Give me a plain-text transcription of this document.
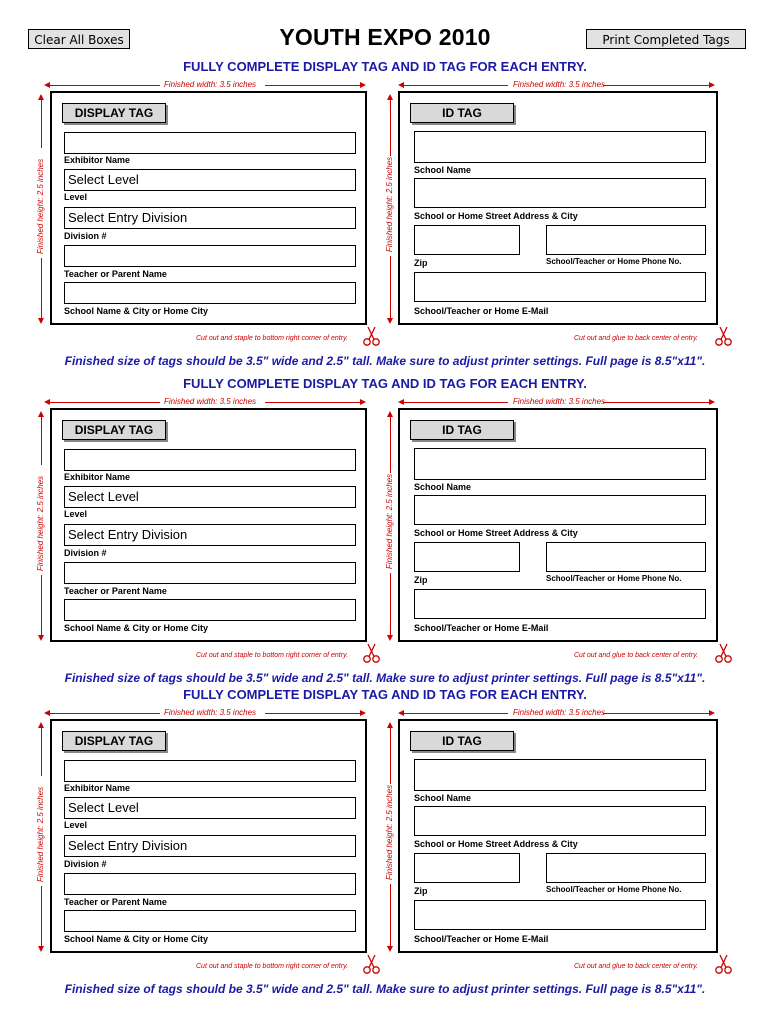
Clear All Boxes	YOUTH EXPO 2010	Print Completed Tags
FULLY COMPLETE DISPLAY TAG AND ID TAG FOR EACH ENTRY.
Finished width: 3.5 inches	Finished width: 3.5 inches
Finished height: 2.5 inches	Finished height: 2.5 inches
DISPLAY TAG
Exhibitor Name
Select Level
Level
Select Entry Division
Division #
Teacher or Parent Name
School Name & City or Home City
Cut out and staple to bottom right corner of entry.
ID TAG
School Name
School or Home Street Address & City
Zip	School/Teacher or Home Phone No.
School/Teacher or Home E-Mail
Cut out and glue to back center of entry.
Finished size of tags should be 3.5" wide and 2.5" tall. Make sure to adjust printer settings. Full page is 8.5"x11".
FULLY COMPLETE DISPLAY TAG AND ID TAG FOR EACH ENTRY.
Finished width: 3.5 inches	Finished width: 3.5 inches
Finished height: 2.5 inches	Finished height: 2.5 inches
DISPLAY TAG
Exhibitor Name
Select Level
Level
Select Entry Division
Division #
Teacher or Parent Name
School Name & City or Home City
Cut out and staple to bottom right corner of entry.
ID TAG
School Name
School or Home Street Address & City
Zip	School/Teacher or Home Phone No.
School/Teacher or Home E-Mail
Cut out and glue to back center of entry.
Finished size of tags should be 3.5" wide and 2.5" tall. Make sure to adjust printer settings. Full page is 8.5"x11".
FULLY COMPLETE DISPLAY TAG AND ID TAG FOR EACH ENTRY.
Finished width: 3.5 inches	Finished width: 3.5 inches
Finished height: 2.5 inches	Finished height: 2.5 inches
DISPLAY TAG
Exhibitor Name
Select Level
Level
Select Entry Division
Division #
Teacher or Parent Name
School Name & City or Home City
Cut out and staple to bottom right corner of entry.
ID TAG
School Name
School or Home Street Address & City
Zip	School/Teacher or Home Phone No.
School/Teacher or Home E-Mail
Cut out and glue to back center of entry.
Finished size of tags should be 3.5" wide and 2.5" tall. Make sure to adjust printer settings. Full page is 8.5"x11".
